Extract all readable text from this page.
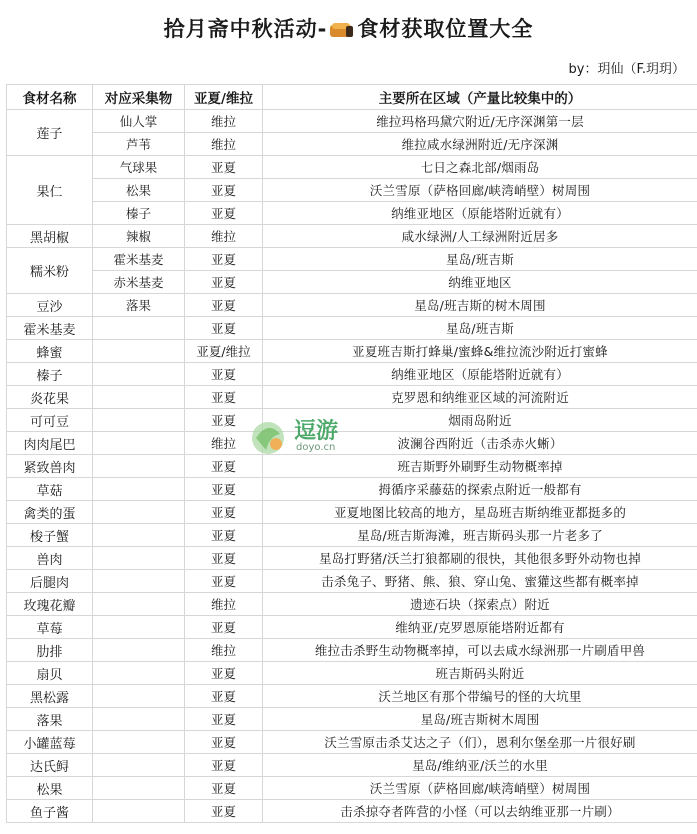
拾月斋中秋活动- 食材获取位置大全
by：玥仙（F.玥玥）
食材名称	对应采集物	亚夏/维拉	主要所在区域（产量比较集中的）
莲子	仙人掌	维拉	维拉玛格玛黛穴附近/无序深渊第一层
	芦苇	维拉	维拉咸水绿洲附近/无序深渊
果仁	气球果	亚夏	七日之森北部/烟雨岛
	松果	亚夏	沃兰雪原（萨格回廊/峡湾峭壁）树周围
	榛子	亚夏	纳维亚地区（原能塔附近就有）
黑胡椒	辣椒	维拉	咸水绿洲/人工绿洲附近居多
糯米粉	霍米基麦	亚夏	星岛/班吉斯
	赤米基麦	亚夏	纳维亚地区
豆沙	落果	亚夏	星岛/班吉斯的树木周围
霍米基麦		亚夏	星岛/班吉斯
蜂蜜		亚夏/维拉	亚夏班吉斯打蜂巢/蜜蜂&维拉流沙附近打蜜蜂
榛子		亚夏	纳维亚地区（原能塔附近就有）
炎花果		亚夏	克罗恩和纳维亚区域的河流附近
可可豆		亚夏	烟雨岛附近
肉肉尾巴		维拉	波澜谷西附近（击杀赤火蜥）
紧致兽肉		亚夏	班吉斯野外刷野生动物概率掉
草菇		亚夏	拇循序采藤菇的探索点附近一般都有
禽类的蛋		亚夏	亚夏地图比较高的地方，星岛班吉斯纳维亚都挺多的
梭子蟹		亚夏	星岛/班吉斯海滩，班吉斯码头那一片老多了
兽肉		亚夏	星岛打野猪/沃兰打狼都刷的很快，其他很多野外动物也掉
后腿肉		亚夏	击杀兔子、野猪、熊、狼、穿山兔、蜜獾这些都有概率掉
玫瑰花瓣		维拉	遗迹石块（探索点）附近
草莓		亚夏	维纳亚/克罗恩原能塔附近都有
肋排		维拉	维拉击杀野生动物概率掉，可以去咸水绿洲那一片刷盾甲兽
扇贝		亚夏	班吉斯码头附近
黑松露		亚夏	沃兰地区有那个带编号的怪的大坑里
落果		亚夏	星岛/班吉斯树木周围
小罐蓝莓		亚夏	沃兰雪原击杀艾达之子（们），恩利尔堡垒那一片很好刷
达氏鲟		亚夏	星岛/维纳亚/沃兰的水里
松果		亚夏	沃兰雪原（萨格回廊/峡湾峭壁）树周围
鱼子酱		亚夏	击杀掠夺者阵营的小怪（可以去纳维亚那一片刷）
逗游
doyo.cn
